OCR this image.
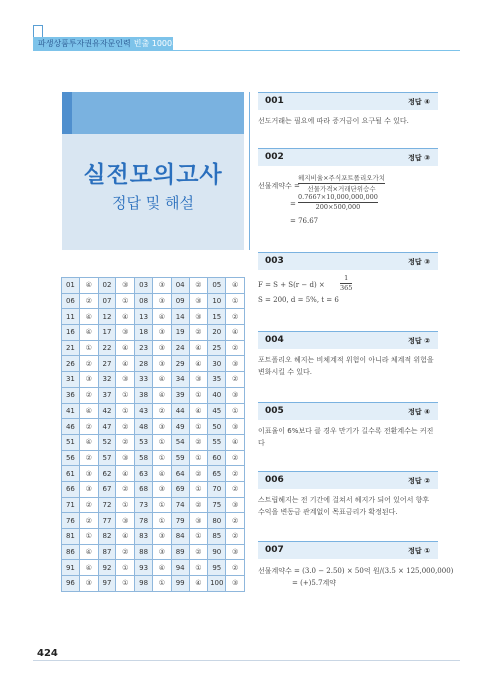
파생상품투자권유자문인력 빈출 1000제
실전모의고사
정답 및 해설
01	④	02	③	03	③	04	②	05	④
06	②	07	①	08	③	09	③	10	①
11	④	12	④	13	④	14	③	15	②
16	④	17	③	18	③	19	②	20	④
21	①	22	④	23	③	24	④	25	②
26	②	27	④	28	③	29	④	30	③
31	③	32	③	33	④	34	③	35	②
36	②	37	①	38	④	39	①	40	③
41	④	42	①	43	②	44	④	45	①
46	②	47	②	48	③	49	①	50	③
51	④	52	②	53	①	54	②	55	④
56	②	57	③	58	①	59	①	60	②
61	③	62	④	63	④	64	②	65	②
66	③	67	②	68	③	69	①	70	②
71	②	72	①	73	①	74	②	75	③
76	②	77	③	78	①	79	③	80	②
81	①	82	④	83	③	84	①	85	②
86	④	87	②	88	③	89	②	90	③
91	④	92	①	93	④	94	①	95	②
96	③	97	①	98	①	99	④	100	③
001	정답 ④
선도거래는 필요에 따라 증거금이 요구될 수 있다.
002	정답 ③
선물계약수 =
헤지비율×주식포트폴리오가치
선물가격×거래단위승수
= $\frac{0.7667\times 10,000,000,000}{200\times 500,000}$
= 76.67
003	정답 ③
$F = S + S(r - d) \times \frac{1}{365}$
S = 200, d = 5%, t = 6
004	정답 ②
포트폴리오 헤지는 비체계적 위험이 아니라 체계적 위험을 변화시킬 수 있다.
005	정답 ④
이표율이 6%보다 클 경우 만기가 길수록 전환계수는 커진다
006	정답 ②
스트립헤지는 전 기간에 걸쳐서 헤지가 되어 있어서 향후 수익을 변동금 관계없이 목표금리가 확정된다.
007	정답 ①
선물계약수 = (3.0 − 2.50) × 50억 원/(3.5 × 125,000,000)
= (+)5.7계약
424
